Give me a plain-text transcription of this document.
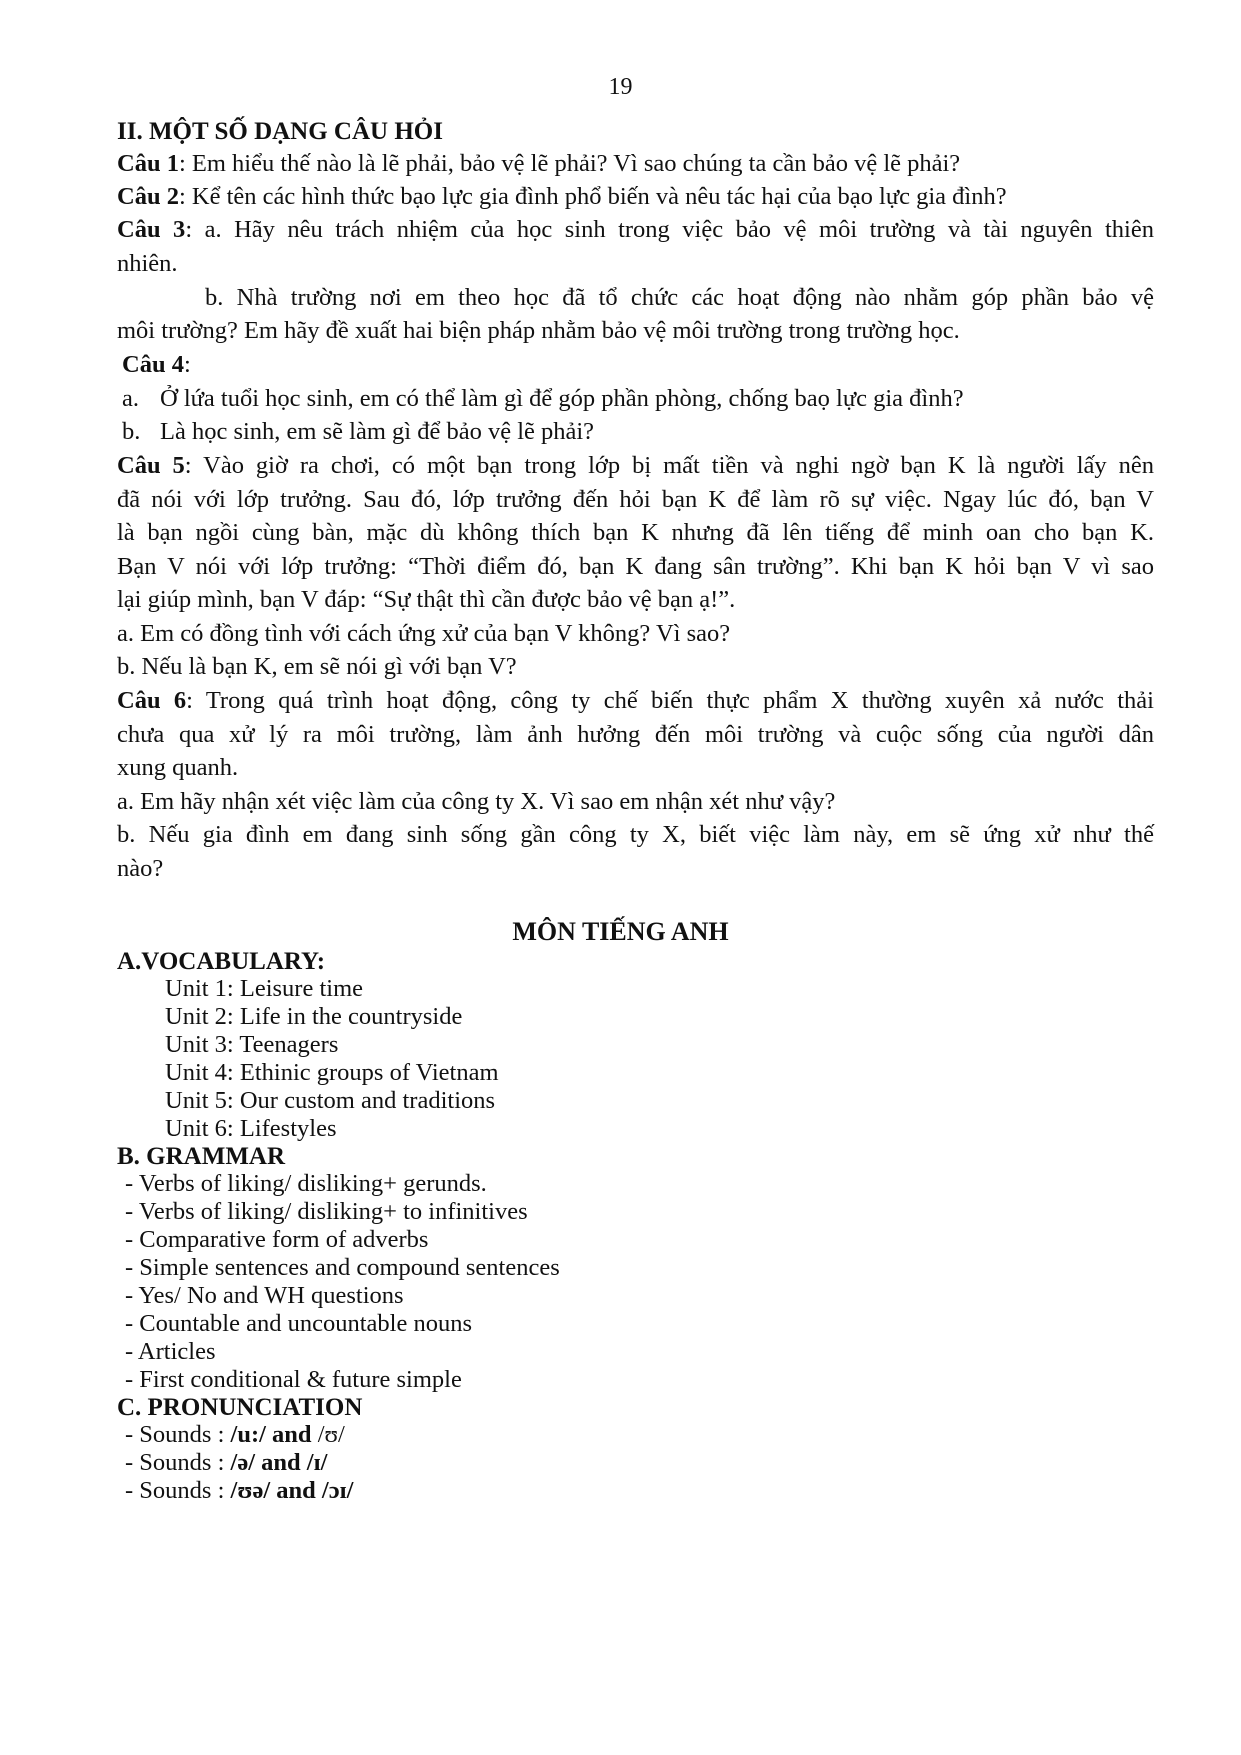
19
II. MỘT SỐ DẠNG CÂU HỎI
Câu 1: Em hiểu thế nào là lẽ phải, bảo vệ lẽ phải? Vì sao chúng ta cần bảo vệ lẽ phải?
Câu 2: Kể tên các hình thức bạo lực gia đình phổ biến và nêu tác hại của bạo lực gia đình?
Câu 3: a. Hãy nêu trách nhiệm của học sinh trong việc bảo vệ môi trường và tài nguyên thiên
nhiên.
b. Nhà trường nơi em theo học đã tổ chức các hoạt động nào nhằm góp phần bảo vệ
môi trường? Em hãy đề xuất hai biện pháp nhằm bảo vệ môi trường trong trường học.
Câu 4:
a. Ở lứa tuổi học sinh, em có thể làm gì để góp phần phòng, chống baọ lực gia đình?
b. Là học sinh, em sẽ làm gì để bảo vệ lẽ phải?
Câu 5: Vào giờ ra chơi, có một bạn trong lớp bị mất tiền và nghi ngờ bạn K là người lấy nên
đã nói với lớp trưởng. Sau đó, lớp trưởng đến hỏi bạn K để làm rõ sự việc. Ngay lúc đó, bạn V
là bạn ngồi cùng bàn, mặc dù không thích bạn K nhưng đã lên tiếng để minh oan cho bạn K.
Bạn V nói với lớp trưởng: “Thời điểm đó, bạn K đang sân trường”. Khi bạn K hỏi bạn V vì sao
lại giúp mình, bạn V đáp: “Sự thật thì cần được bảo vệ bạn ạ!”.
a. Em có đồng tình với cách ứng xử của bạn V không? Vì sao?
b. Nếu là bạn K, em sẽ nói gì với bạn V?
Câu 6: Trong quá trình hoạt động, công ty chế biến thực phẩm X thường xuyên xả nước thải
chưa qua xử lý ra môi trường, làm ảnh hưởng đến môi trường và cuộc sống của người dân
xung quanh.
a. Em hãy nhận xét việc làm của công ty X. Vì sao em nhận xét như vậy?
b. Nếu gia đình em đang sinh sống gần công ty X, biết việc làm này, em sẽ ứng xử như thế
nào?
MÔN TIẾNG ANH
A.VOCABULARY:
Unit 1: Leisure time
Unit 2: Life in the countryside
Unit 3: Teenagers
Unit 4: Ethinic groups of Vietnam
Unit 5: Our custom and traditions
Unit 6: Lifestyles
B. GRAMMAR
- Verbs of liking/ disliking+ gerunds.
- Verbs of liking/ disliking+ to infinitives
- Comparative form of adverbs
- Simple sentences and compound sentences
- Yes/ No and WH questions
- Countable and uncountable nouns
- Articles
- First conditional & future simple
C. PRONUNCIATION
- Sounds : /u:/ and /ʊ/
- Sounds : /ə/ and /ɪ/
- Sounds : /ʊə/ and /ɔɪ/
